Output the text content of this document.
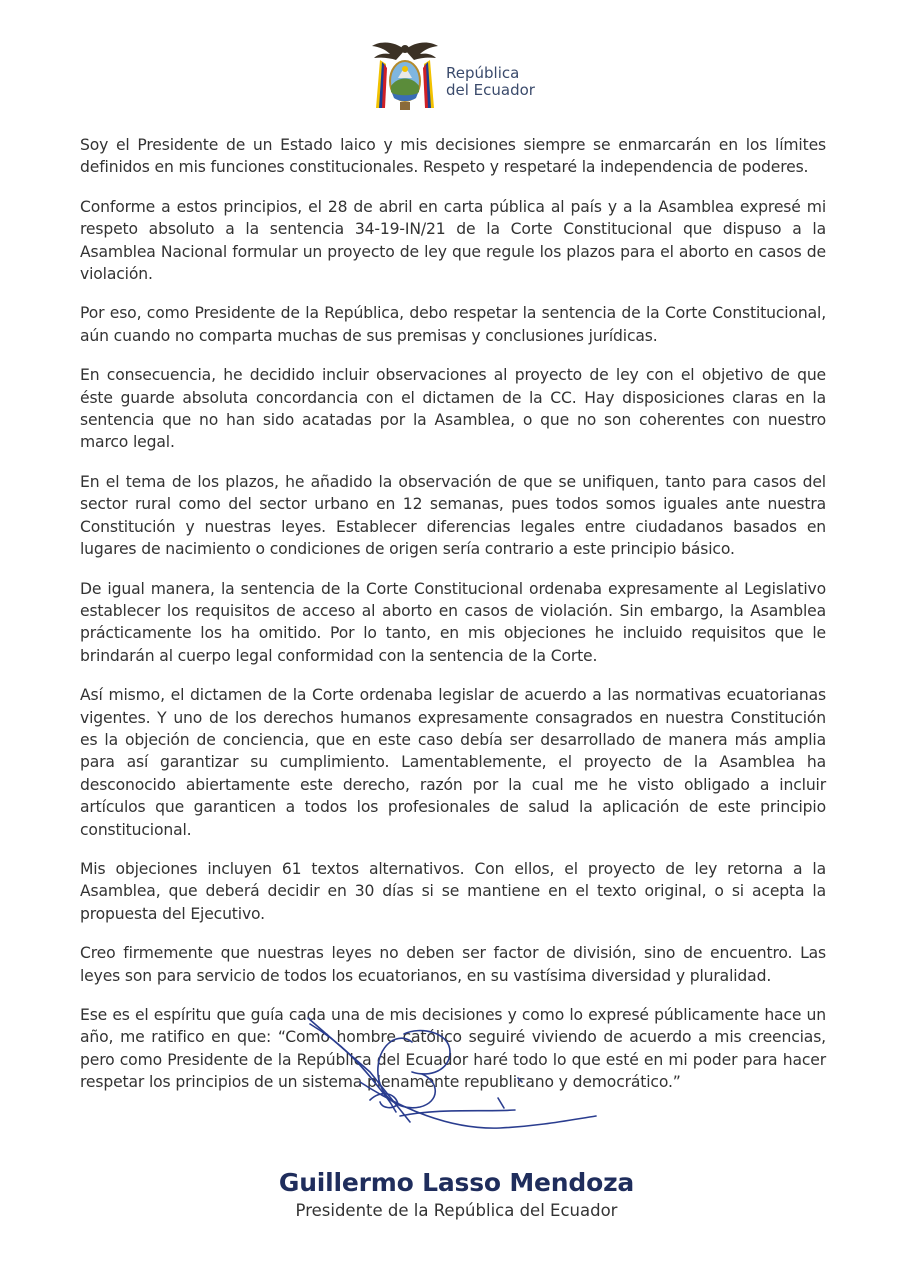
República
del Ecuador

Soy el Presidente de un Estado laico y mis decisiones siempre se enmarcarán en los límites definidos en mis funciones constitucionales. Respeto y respetaré la independencia de poderes.

Conforme a estos principios, el 28 de abril en carta pública al país y a la Asamblea expresé mi respeto absoluto a la sentencia 34-19-IN/21 de la Corte Constitucional que dispuso a la Asamblea Nacional formular un proyecto de ley que regule los plazos para el aborto en casos de violación.

Por eso, como Presidente de la República, debo respetar la sentencia de la Corte Constitucional, aún cuando no comparta muchas de sus premisas y conclusiones jurídicas.

En consecuencia, he decidido incluir observaciones al proyecto de ley con el objetivo de que éste guarde absoluta concordancia con el dictamen de la CC. Hay disposiciones claras en la sentencia que no han sido acatadas por la Asamblea, o que no son coherentes con nuestro marco legal.

En el tema de los plazos, he añadido la observación de que se unifiquen, tanto para casos del sector rural como del sector urbano en 12 semanas, pues todos somos iguales ante nuestra Constitución y nuestras leyes. Establecer diferencias legales entre ciudadanos basados en lugares de nacimiento o condiciones de origen sería contrario a este principio básico.

De igual manera, la sentencia de la Corte Constitucional ordenaba expresamente al Legislativo establecer los requisitos de acceso al aborto en casos de violación. Sin embargo, la Asamblea prácticamente los ha omitido. Por lo tanto, en mis objeciones he incluido requisitos que le brindarán al cuerpo legal conformidad con la sentencia de la Corte.

Así mismo, el dictamen de la Corte ordenaba legislar de acuerdo a las normativas ecuatorianas vigentes. Y uno de los derechos humanos expresamente consagrados en nuestra Constitución es la objeción de conciencia, que en este caso debía ser desarrollado de manera más amplia para así garantizar su cumplimiento. Lamentablemente, el proyecto de la Asamblea ha desconocido abiertamente este derecho, razón por la cual me he visto obligado a incluir artículos que garanticen a todos los profesionales de salud la aplicación de este principio constitucional.

Mis objeciones incluyen 61 textos alternativos. Con ellos, el proyecto de ley retorna a la Asamblea, que deberá decidir en 30 días si se mantiene en el texto original, o si acepta la propuesta del Ejecutivo.

Creo firmemente que nuestras leyes no deben ser factor de división, sino de encuentro. Las leyes son para servicio de todos los ecuatorianos, en su vastísima diversidad y pluralidad.

Ese es el espíritu que guía cada una de mis decisiones y como lo expresé públicamente hace un año, me ratifico en que: “Como hombre católico seguiré viviendo de acuerdo a mis creencias, pero como Presidente de la República del Ecuador haré todo lo que esté en mi poder para hacer respetar los principios de un sistema plenamente republicano y democrático.”

Guillermo Lasso Mendoza
Presidente de la República del Ecuador
